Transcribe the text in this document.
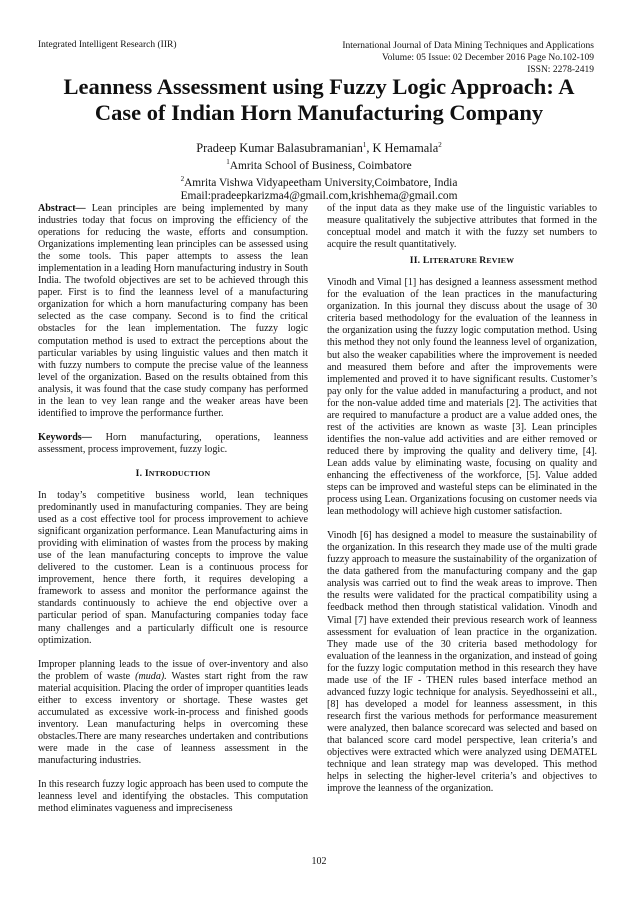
Integrated Intelligent Research (IIR)	International Journal of Data Mining Techniques and Applications
Volume: 05 Issue: 02 December 2016 Page No.102-109
ISSN: 2278-2419
Leanness Assessment using Fuzzy Logic Approach: A
Case of Indian Horn Manufacturing Company
Pradeep Kumar Balasubramanian$^1$, K Hemamala$^2$
$^1$Amrita School of Business, Coimbatore
$^2$Amrita Vishwa Vidyapeetham University,Coimbatore, India
Email:pradeepkarizma4@gmail.com,krishhema@gmail.com

Abstract— Lean principles are being implemented by many industries today that focus on improving the efficiency of the operations for reducing the waste, efforts and consumption. Organizations implementing lean principles can be assessed using the some tools. This paper attempts to assess the lean implementation in a leading Horn manufacturing industry in South India. The twofold objectives are set to be achieved through this paper. First is to find the leanness level of a manufacturing organization for which a horn manufacturing company has been selected as the case company. Second is to find the critical obstacles for the lean implementation. The fuzzy logic computation method is used to extract the perceptions about the particular variables by using linguistic values and then match it with fuzzy numbers to compute the precise value of the leanness level of the organization. Based on the results obtained from this analysis, it was found that the case study company has performed in the lean to vey lean range and the weaker areas have been identified to improve the performance further.

Keywords— Horn manufacturing, operations, leanness assessment, process improvement, fuzzy logic.

I. INTRODUCTION

In today’s competitive business world, lean techniques predominantly used in manufacturing companies. They are being used as a cost effective tool for process improvement to achieve significant organization performance. Lean Manufacturing aims in providing with elimination of wastes from the process by making use of the lean manufacturing concepts to improve the value delivered to the customer. Lean is a continuous process for improvement, hence there forth, it requires developing a framework to assess and monitor the performance against the standards continuously to achieve the end objective over a particular period of span. Manufacturing companies today face many challenges and a particularly difficult one is resource optimization.

Improper planning leads to the issue of over-inventory and also the problem of waste (muda). Wastes start right from the raw material acquisition. Placing the order of improper quantities leads either to excess inventory or shortage. These wastes get accumulated as excessive work-in-process and finished goods inventory. Lean manufacturing helps in overcoming these obstacles.There are many researches undertaken and contributions were made in the case of leanness assessment in the manufacturing industries.

In this research fuzzy logic approach has been used to compute the leanness level and identifying the obstacles. This computation method eliminates vagueness and impreciseness

of the input data as they make use of the linguistic variables to measure qualitatively the subjective attributes that formed in the conceptual model and match it with the fuzzy set numbers to acquire the result quantitatively.

II. LITERATURE REVIEW

Vinodh and Vimal [1] has designed a leanness assessment method for the evaluation of the lean practices in the manufacturing organization. In this journal they discuss about the usage of 30 criteria based methodology for the evaluation of the leanness in the organization using the fuzzy logic computation method. Using this method they not only found the leanness level of organization, but also the weaker capabilities where the improvement is needed and measured them before and after the improvements were implemented and proved it to have significant results. Customer’s pay only for the value added in manufacturing a product, and not for the non-value added time and materials [2]. The activities that are required to manufacture a product are a value added ones, the rest of the activities are known as waste [3]. Lean principles identifies the non-value add activities and are either removed or reduced there by improving the quality and delivery time, [4]. Lean adds value by eliminating waste, focusing on quality and enhancing the effectiveness of the workforce, [5]. Value added steps can be improved and wasteful steps can be eliminated in the process using Lean. Organizations focusing on customer needs via lean methodology will achieve high customer satisfaction.

Vinodh [6] has designed a model to measure the sustainability of the organization. In this research they made use of the multi grade fuzzy approach to measure the sustainability of the organization of the data gathered from the manufacturing company and the gap analysis was carried out to find the weak areas to improve. Then the results were validated for the practical compatibility using a feedback method then through statistical validation. Vinodh and Vimal [7] have extended their previous research work of leanness assessment for evaluation of lean practice in the organization. They made use of the 30 criteria based methodology for evaluation of the leanness in the organization, and instead of going for the fuzzy logic computation method in this research they have made use of the IF - THEN rules based interface method an advanced fuzzy logic technique for analysis. Seyedhosseini et all., [8] has developed a model for leanness assessment, in this research first the various methods for performance measurement were analyzed, then balance scorecard was selected and based on that balanced score card model perspective, lean criteria’s and objectives were extracted which were analyzed using DEMATEL technique and lean strategy map was developed. This method helps in selecting the higher-level criteria’s and objectives to improve the leanness of the organization.

102
